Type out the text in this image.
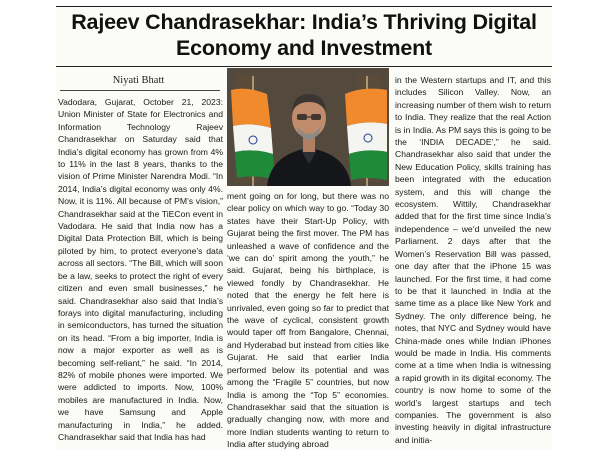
Rajeev Chandrasekhar: India’s Thriving Digital Economy and Investment
Niyati Bhatt

Vadodara, Gujarat, October 21, 2023: Union Minister of State for Electronics and Information Technology Rajeev Chandrasekhar on Saturday said that India’s digital economy has grown from 4% to 11% in the last 8 years, thanks to the vision of Prime Minister Narendra Modi. “In 2014, India’s digital economy was only 4%. Now, it is 11%. All because of PM’s vision,” Chandrasekhar said at the TiECon event in Vadodara. He said that India now has a Digital Data Protection Bill, which is being piloted by him, to protect everyone’s data across all sectors. “The Bill, which will soon be a law, seeks to protect the right of every citizen and even small businesses,” he said. Chandrasekhar also said that India’s forays into digital manufacturing, including in semiconductors, has turned the situation on its head. “From a big importer, India is now a major exporter as well as is becoming self-reliant,” he said. “In 2014, 82% of mobile phones were imported. We were addicted to imports. Now, 100% mobiles are manufactured in India. Now, we have Samsung and Apple manufacturing in India,” he added. Chandrasekhar said that India has had

ment going on for long, but there was no clear policy on which way to go. “Today 30 states have their Start-Up Policy, with Gujarat being the first mover. The PM has unleashed a wave of confidence and the ‘we can do’ spirit among the youth,” he said. Gujarat, being his birthplace, is viewed fondly by Chandrasekhar. He noted that the energy he felt here is unrivaled, even going so far to predict that the wave of cyclical, consistent growth would taper off from Bangalore, Chennai, and Hyderabad but instead from cities like Gujarat. He said that earlier India performed below its potential and was among the “Fragile 5” countries, but now India is among the “Top 5” economies. Chandrasekhar said that the situation is gradually changing now, with more and more Indian students wanting to return to India after studying abroad

in the Western startups and IT, and this includes Silicon Valley. Now, an increasing number of them wish to return to India. They realize that the real Action is in India. As PM says this is going to be the ‘INDIA DECADE’,” he said. Chandrasekhar also said that under the New Education Policy, skills training has been integrated with the education system, and this will change the ecosystem. Wittily, Chandrasekhar added that for the first time since India’s independence – we’d unveiled the new Parliament. 2 days after that the Women’s Reservation Bill was passed, one day after that the iPhone 15 was launched. For the first time, it had come to be that it launched in India at the same time as a place like New York and Sydney. The only difference being, he notes, that NYC and Sydney would have China-made ones while Indian iPhones would be made in India. His comments come at a time when India is witnessing a rapid growth in its digital economy. The country is now home to some of the world’s largest startups and tech companies. The government is also investing heavily in digital infrastructure and initia-
